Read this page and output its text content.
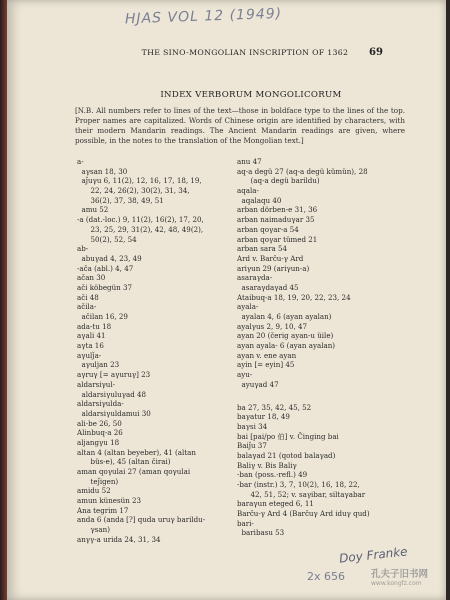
HJAS VOL 12 (1949)
THE SINO-MONGOLIAN INSCRIPTION OF 1362	69
INDEX VERBORUM MONGOLICORUM
[N.B. All numbers refer to lines of the text—those in boldface type to the lines of the top. Proper names are capitalized. Words of Chinese origin are identified by characters, with their modern Mandarin readings. The Ancient Mandarin readings are given, where possible, in the notes to the translation of the Mongolian text.]
a-
aγsan 18, 30
aǰuγu 6, 11(2), 12, 16, 17, 18, 19,
22, 24, 26(2), 30(2), 31, 34,
36(2), 37, 38, 49, 51
amu 52
-a (dat.-loc.) 9, 11(2), 16(2), 17, 20,
23, 25, 29, 31(2), 42, 48, 49(2),
50(2), 52, 54
ab-
abuγad 4, 23, 49
-ača (abl.) 4, 47
ačan 30
ači köbegün 37
ači 48
ačila-
ačilan 16, 29
ada-tu 18
aγali 41
aγta 16
aγulǰa-
aγuljan 23
aγruγ [= aγuruγ] 23
aldarsiγul-
aldarsiγuluγad 48
aldarsiγulda-
aldarsiγuldamui 30
ali-be 26, 50
Alinbuq-a 26
aljangγu 18
altan 4 (altan beyeber), 41 (altan
büs-e), 45 (altan čirai)
aman qoγulai 27 (aman qoγulai
teǰigen)
amidu 52
amun künesün 23
Ana tegrim 17
anda 6 (anda [?] quda uruγ barildu-
γsan)
anγγ-a urida 24, 31, 34
anu 47
aq-a degü 27 (aq-a degü kümün), 28
(aq-a degü barildu)
aqala-
aqalaqu 40
arban dörben-e 31, 36
arban naimaduγar 35
arban qoγar-a 54
arban qoγar tümed 21
arban sara 54
Ard v. Barču-γ Ard
ariγun 29 (ariγun-a)
asaraγda-
asaraγdaγad 45
Ataibuq-a 18, 19, 20, 22, 23, 24
ayala-
ayalan 4, 6 (ayan ayalan)
ayalγus 2, 9, 10, 47
ayan 20 (čerig ayan-u üile)
ayan ayala- 6 (ayan ayalan)
ayan v. ene ayan
ayin [= eyin] 45
ayu-
ayuγad 47
ba 27, 35, 42, 45, 52
baγatur 18, 49
baγsi 34
bai [pai/po 伯] v. Činging bai
Baiǰu 37
balaγad 21 (qotod balaγad)
Baliγ v. Bis Baliγ
-ban (poss.-refl.) 49
-bar (instr.) 3, 7, 10(2), 16, 18, 22,
42, 51, 52; v. saγibar, siltaγabar
baraγun eteged 6, 11
Barču-γ Ard 4 (Barčuγ Ard iduγ qud)
bari-
baribasu 53
Doy Franke
2x 656	孔夫子旧书网
www.kongfz.com
